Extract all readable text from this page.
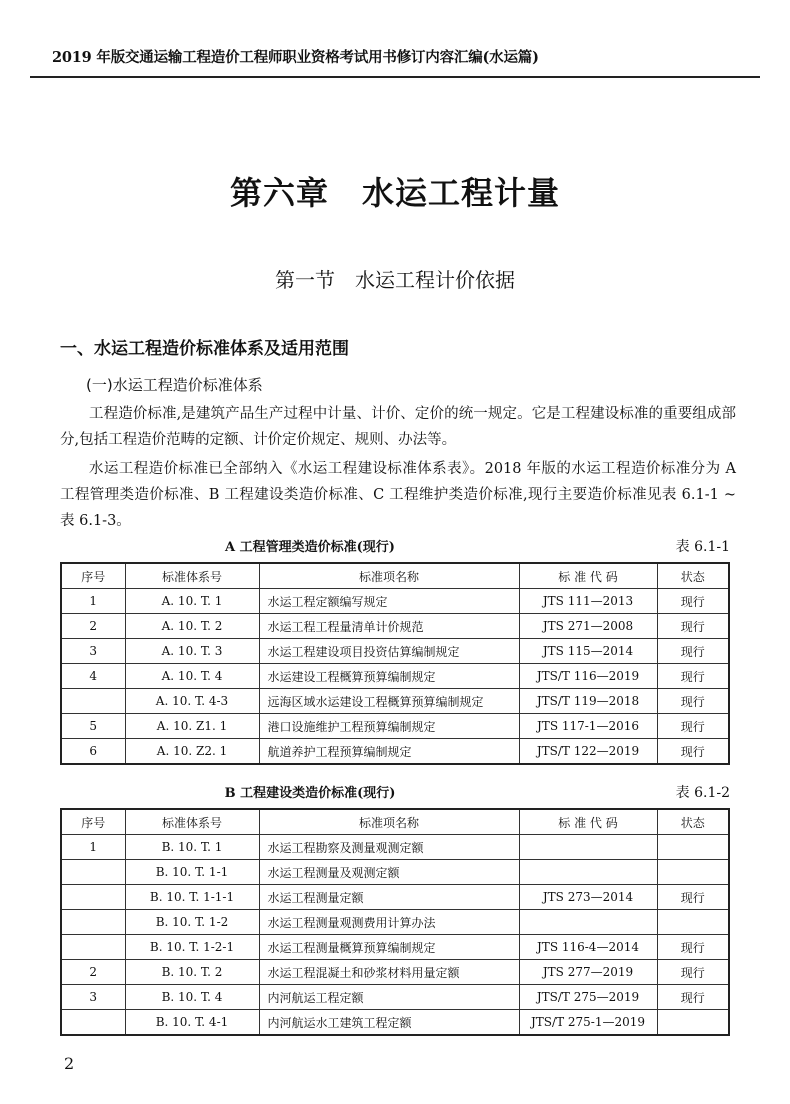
2019 年版交通运输工程造价工程师职业资格考试用书修订内容汇编(水运篇)
第六章　水运工程计量
第一节　水运工程计价依据
一、水运工程造价标准体系及适用范围
(一)水运工程造价标准体系

工程造价标准,是建筑产品生产过程中计量、计价、定价的统一规定。它是工程建设标准的重要组成部分,包括工程造价范畴的定额、计价定价规定、规则、办法等。

水运工程造价标准已全部纳入《水运工程建设标准体系表》。2018 年版的水运工程造价标准分为 A 工程管理类造价标准、B 工程建设类造价标准、C 工程维护类造价标准,现行主要造价标准见表 6.1-1 ~ 表 6.1-3。

A 工程管理类造价标准(现行)	表 6.1-1
序号	标准体系号	标准项名称	标 准 代 码	状态
1	A. 10. T. 1	水运工程定额编写规定	JTS 111—2013	现行
2	A. 10. T. 2	水运工程工程量清单计价规范	JTS 271—2008	现行
3	A. 10. T. 3	水运工程建设项目投资估算编制规定	JTS 115—2014	现行
4	A. 10. T. 4	水运建设工程概算预算编制规定	JTS/T 116—2019	现行
	A. 10. T. 4-3	远海区域水运建设工程概算预算编制规定	JTS/T 119—2018	现行
5	A. 10. Z1. 1	港口设施维护工程预算编制规定	JTS 117-1—2016	现行
6	A. 10. Z2. 1	航道养护工程预算编制规定	JTS/T 122—2019	现行
B 工程建设类造价标准(现行)	表 6.1-2
序号	标准体系号	标准项名称	标 准 代 码	状态
1	B. 10. T. 1	水运工程勘察及测量观测定额		
	B. 10. T. 1-1	水运工程测量及观测定额		
	B. 10. T. 1-1-1	水运工程测量定额	JTS 273—2014	现行
	B. 10. T. 1-2	水运工程测量观测费用计算办法		
	B. 10. T. 1-2-1	水运工程测量概算预算编制规定	JTS 116-4—2014	现行
2	B. 10. T. 2	水运工程混凝土和砂浆材料用量定额	JTS 277—2019	现行
3	B. 10. T. 4	内河航运工程定额	JTS/T 275—2019	现行
	B. 10. T. 4-1	内河航运水工建筑工程定额	JTS/T 275-1—2019	
2
